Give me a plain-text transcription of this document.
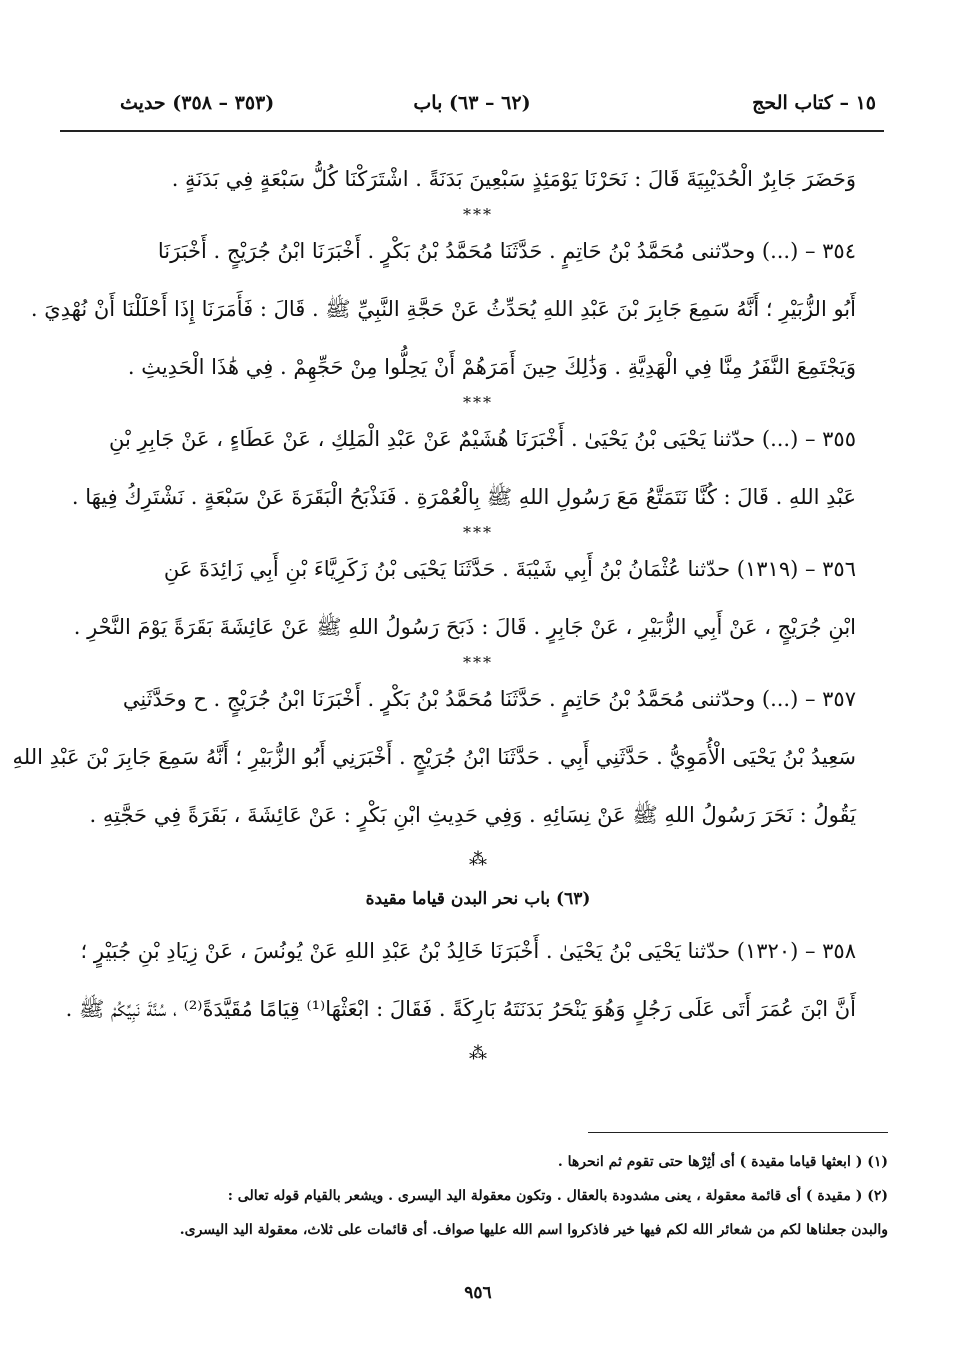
١٥ – كتاب الحج
(٦٢ – ٦٣) باب
(٣٥٣ – ٣٥٨) حديث
وَحَضَرَ جَابِرٌ الْحُدَيْبِيَةَ قَالَ : نَحَرْنَا يَوْمَئِذٍ سَبْعِينَ بَدَنَةً . اشْتَرَكْنَا كُلُّ سَبْعَةٍ فِي بَدَنَةٍ .
***
٣٥٤ – (...) وحدّثنى مُحَمَّدُ بْنُ حَاتِمٍ . حَدَّثَنَا مُحَمَّدُ بْنُ بَكْرٍ . أَخْبَرَنَا ابْنُ جُرَيْجٍ . أَخْبَرَنَا
أَبُو الزُّبَيْرِ ؛ أَنَّهُ سَمِعَ جَابِرَ بْنَ عَبْدِ اللهِ يُحَدِّثُ عَنْ حَجَّةِ النَّبِيِّ ﷺ . قَالَ : فَأَمَرَنَا إِذَا أَحْلَلْنَا أَنْ نُهْدِيَ .
وَيَجْتَمِعَ النَّفَرُ مِنَّا فِي الْهَدِيَّةِ . وَذَٰلِكَ حِينَ أَمَرَهُمْ أَنْ يَحِلُّوا مِنْ حَجِّهِمْ . فِي هَٰذَا الْحَدِيثِ .
***
٣٥٥ – (...) حدّثنا يَحْيَى بْنُ يَحْيَىٰ . أَخْبَرَنَا هُشَيْمٌ عَنْ عَبْدِ الْمَلِكِ ، عَنْ عَطَاءٍ ، عَنْ جَابِرِ بْنِ
عَبْدِ اللهِ . قَالَ : كُنَّا نَتَمَتَّعُ مَعَ رَسُولِ اللهِ ﷺ بِالْعُمْرَةِ . فَنَذْبَحُ الْبَقَرَةَ عَنْ سَبْعَةٍ . نَشْتَرِكُ فِيهَا .
***
٣٥٦ – (١٣١٩) حدّثنا عُثْمَانُ بْنُ أَبِي شَيْبَةَ . حَدَّثَنَا يَحْيَى بْنُ زَكَرِيَّاءَ بْنِ أَبِي زَائِدَةَ عَنِ
ابْنِ جُرَيْجٍ ، عَنْ أَبِي الزُّبَيْرِ ، عَنْ جَابِرٍ . قَالَ : ذَبَحَ رَسُولُ اللهِ ﷺ عَنْ عَائِشَةَ بَقَرَةً يَوْمَ النَّحْرِ .
***
٣٥٧ – (...) وحدّثنى مُحَمَّدُ بْنُ حَاتِمٍ . حَدَّثَنَا مُحَمَّدُ بْنُ بَكْرٍ . أَخْبَرَنَا ابْنُ جُرَيْجٍ . ح وحَدَّثَنِي
سَعِيدُ بْنُ يَحْيَى الْأُمَوِيُّ . حَدَّثَنِي أَبِي . حَدَّثَنَا ابْنُ جُرَيْجٍ . أَخْبَرَنِي أَبُو الزُّبَيْرِ ؛ أَنَّهُ سَمِعَ جَابِرَ بْنَ عَبْدِ اللهِ
يَقُولُ : نَحَرَ رَسُولُ اللهِ ﷺ عَنْ نِسَائِهِ . وَفِي حَدِيثِ ابْنِ بَكْرٍ : عَنْ عَائِشَةَ ، بَقَرَةً فِي حَجَّتِهِ .
⁂
(٦٣) باب نحر البدن قياما مقيدة
٣٥٨ – (١٣٢٠) حدّثنا يَحْيَى بْنُ يَحْيَىٰ . أَخْبَرَنَا خَالِدُ بْنُ عَبْدِ اللهِ عَنْ يُونُسَ ، عَنْ زِيَادِ بْنِ جُبَيْرٍ ؛
أَنَّ ابْنَ عُمَرَ أَتَى عَلَى رَجُلٍ وَهُوَ يَنْحَرُ بَدَنَتَهُ بَارِكَةً . فَقَالَ : ابْعَثْهَا⁽¹⁾ قِيَامًا مُقَيَّدَةً⁽²⁾ ، سُنَّةَ نَبِيِّكُمْ ﷺ .
⁂
(١) ( ابعثها قياما مقيدة ) أى أثِرْها حتى تقوم ثم انحرها .
(٢) ( مقيدة ) أى قائمة معقولة ، يعنى مشدودة بالعقال . وتكون معقولة اليد اليسرى . ويشعر بالقيام قوله تعالى :
والبدن جعلناها لكم من شعائر الله لكم فيها خير فاذكروا اسم الله عليها صواف. أى قائمات على ثلاث، معقولة اليد اليسرى.
٩٥٦
